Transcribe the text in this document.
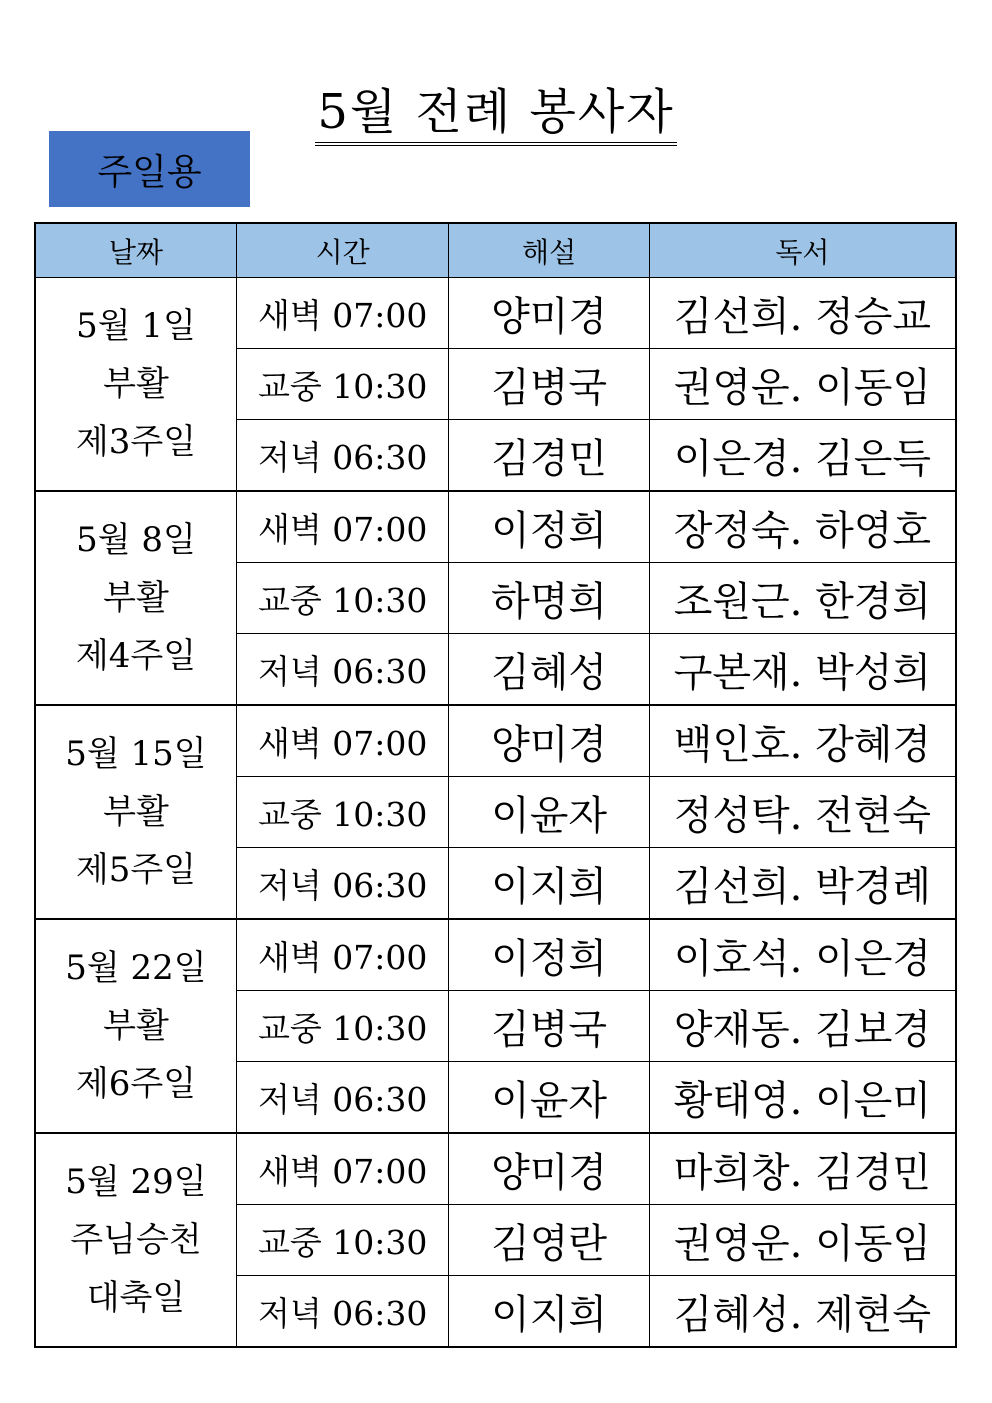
5월 전례 봉사자
주일용
날짜	시간	해설	독서

5월 1일
부활
제3주일	새벽 07:00	양미경	김선희. 정승교
	교중 10:30	김병국	권영운. 이동임
	저녁 06:30	김경민	이은경. 김은득

5월 8일
부활
제4주일	새벽 07:00	이정희	장정숙. 하영호
	교중 10:30	하명희	조원근. 한경희
	저녁 06:30	김혜성	구본재. 박성희

5월 15일
부활
제5주일	새벽 07:00	양미경	백인호. 강혜경
	교중 10:30	이윤자	정성탁. 전현숙
	저녁 06:30	이지희	김선희. 박경례

5월 22일
부활
제6주일	새벽 07:00	이정희	이호석. 이은경
	교중 10:30	김병국	양재동. 김보경
	저녁 06:30	이윤자	황태영. 이은미

5월 29일
주님승천
대축일	새벽 07:00	양미경	마희창. 김경민
	교중 10:30	김영란	권영운. 이동임
	저녁 06:30	이지희	김혜성. 제현숙
